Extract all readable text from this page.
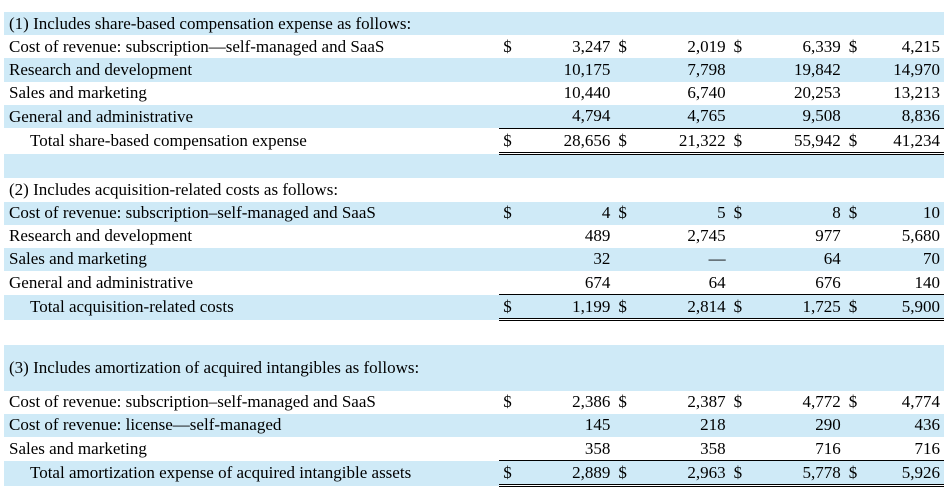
(1) Includes share-based compensation expense as follows:								
Cost of revenue: subscription—self-managed and SaaS	$	3,247	$	2,019	$	6,339	$	4,215
Research and development		10,175		7,798		19,842		14,970
Sales and marketing		10,440		6,740		20,253		13,213
General and administrative		4,794		4,765		9,508		8,836
Total share-based compensation expense	$	28,656	$	21,322	$	55,942	$	41,234

(2) Includes acquisition-related costs as follows:								
Cost of revenue: subscription–self-managed and SaaS	$	4	$	5	$	8	$	10
Research and development		489		2,745		977		5,680
Sales and marketing		32		—		64		70
General and administrative		674		64		676		140
Total acquisition-related costs	$	1,199	$	2,814	$	1,725	$	5,900

(3) Includes amortization of acquired intangibles as follows:								
Cost of revenue: subscription–self-managed and SaaS	$	2,386	$	2,387	$	4,772	$	4,774
Cost of revenue: license—self-managed		145		218		290		436
Sales and marketing		358		358		716		716
Total amortization expense of acquired intangible assets	$	2,889	$	2,963	$	5,778	$	5,926
